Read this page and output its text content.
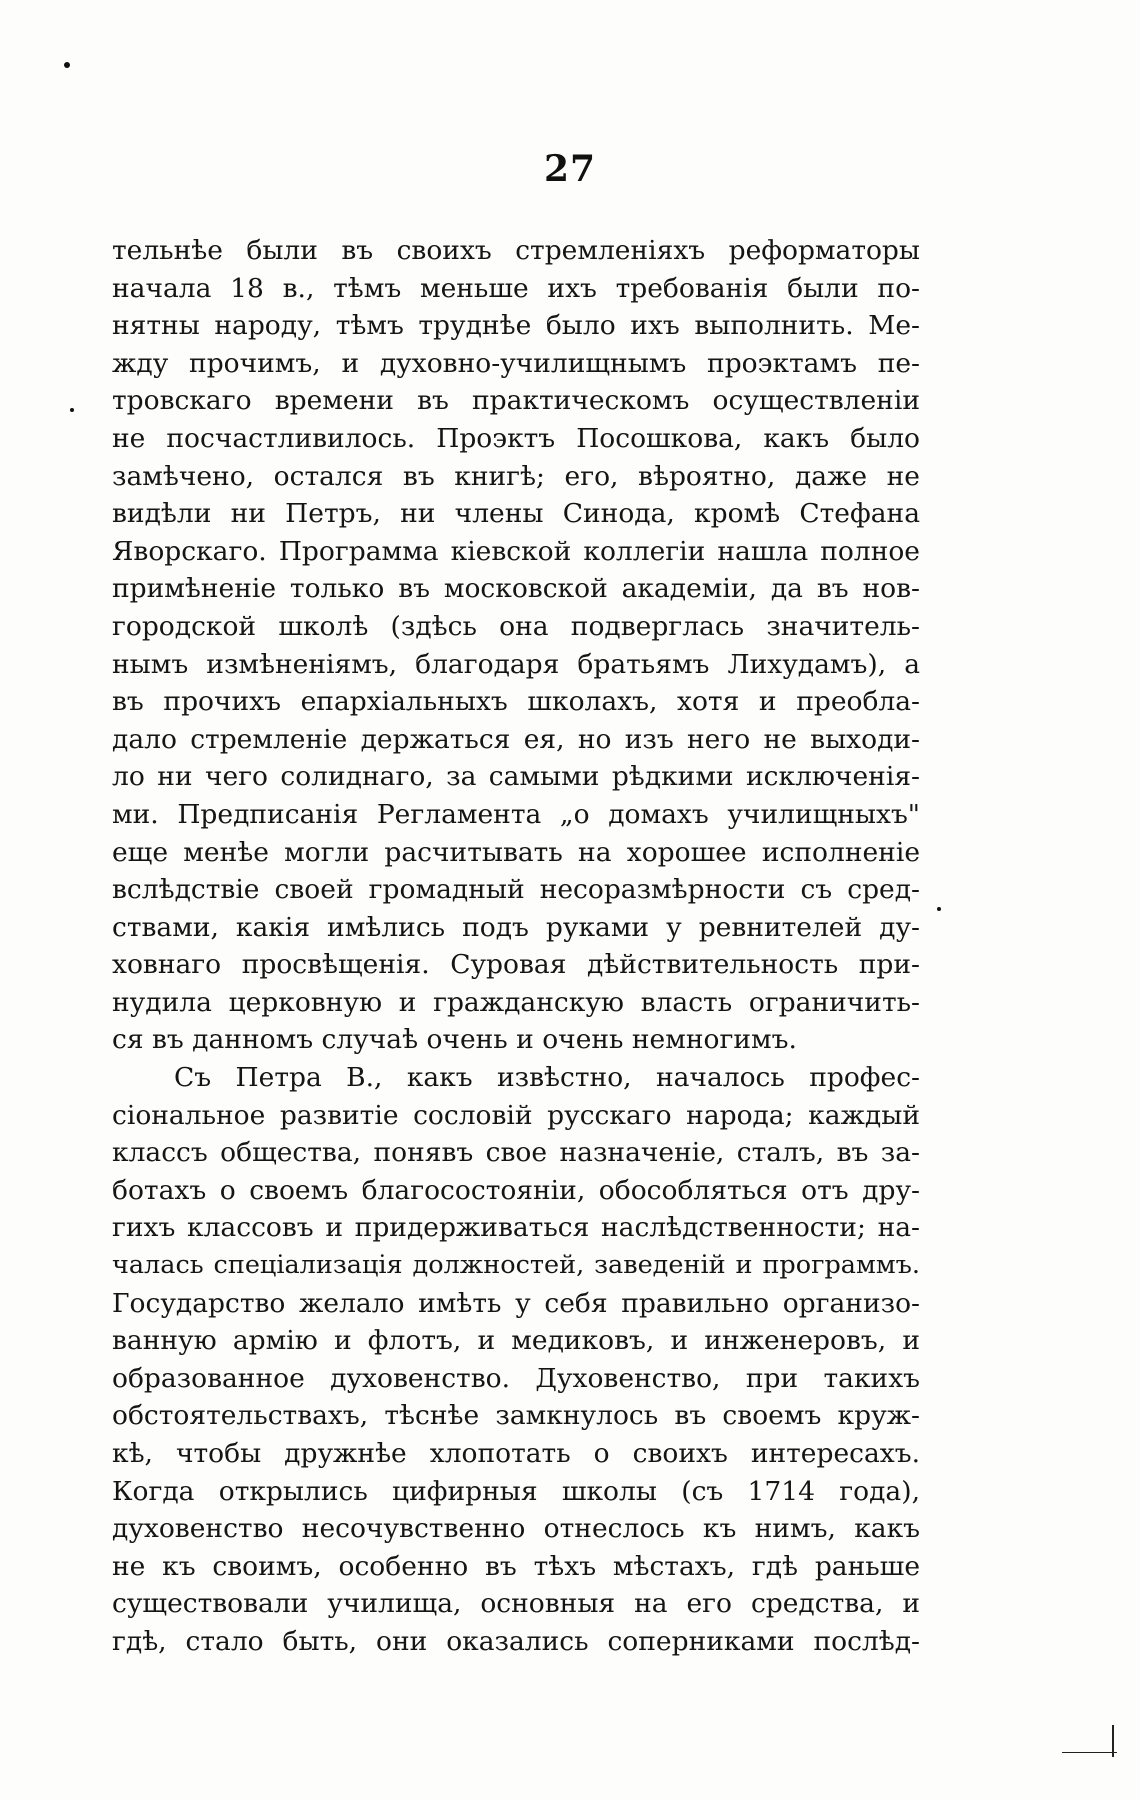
27
тельнѣе были въ своихъ стремленіяхъ реформаторы
начала 18 в., тѣмъ меньше ихъ требованія были по-
нятны народу, тѣмъ труднѣе было ихъ выполнить. Ме-
жду прочимъ, и духовно-училищнымъ проэктамъ пе-
тровскаго времени въ практическомъ осуществленіи
не посчастливилось. Проэктъ Посошкова, какъ было
замѣчено, остался въ книгѣ; его, вѣроятно, даже не
видѣли ни Петръ, ни члены Синода, кромѣ Стефана
Яворскаго. Программа кіевской коллегіи нашла полное
примѣненіе только въ московской академіи, да въ нов-
городской школѣ (здѣсь она подверглась значитель-
нымъ измѣненіямъ, благодаря братьямъ Лихудамъ), а
въ прочихъ епархіальныхъ школахъ, хотя и преобла-
дало стремленіе держаться ея, но изъ него не выходи-
ло ни чего солиднаго, за самыми рѣдкими исключенія-
ми. Предписанія Регламента „о домахъ училищныхъ"
еще менѣе могли расчитывать на хорошее исполненіе
вслѣдствіе своей громадный несоразмѣрности съ сред-
ствами, какія имѣлись подъ руками у ревнителей ду-
ховнаго просвѣщенія. Суровая дѣйствительность при-
нудила церковную и гражданскую власть ограничить-
ся въ данномъ случаѣ очень и очень немногимъ.
Съ Петра В., какъ извѣстно, началось профес-
сіональное развитіе сословій русскаго народа; каждый
классъ общества, понявъ свое назначеніе, сталъ, въ за-
ботахъ о своемъ благосостояніи, обособляться отъ дру-
гихъ классовъ и придерживаться наслѣдственности; на-
чалась спеціализація должностей, заведеній и программъ.
Государство желало имѣть у себя правильно организо-
ванную армію и флотъ, и медиковъ, и инженеровъ, и
образованное духовенство. Духовенство, при такихъ
обстоятельствахъ, тѣснѣе замкнулось въ своемъ круж-
кѣ, чтобы дружнѣе хлопотать о своихъ интересахъ.
Когда открылись цифирныя школы (съ 1714 года),
духовенство несочувственно отнеслось къ нимъ, какъ
не къ своимъ, особенно въ тѣхъ мѣстахъ, гдѣ раньше
существовали училища, основныя на его средства, и
гдѣ, стало быть, они оказались соперниками послѣд-
